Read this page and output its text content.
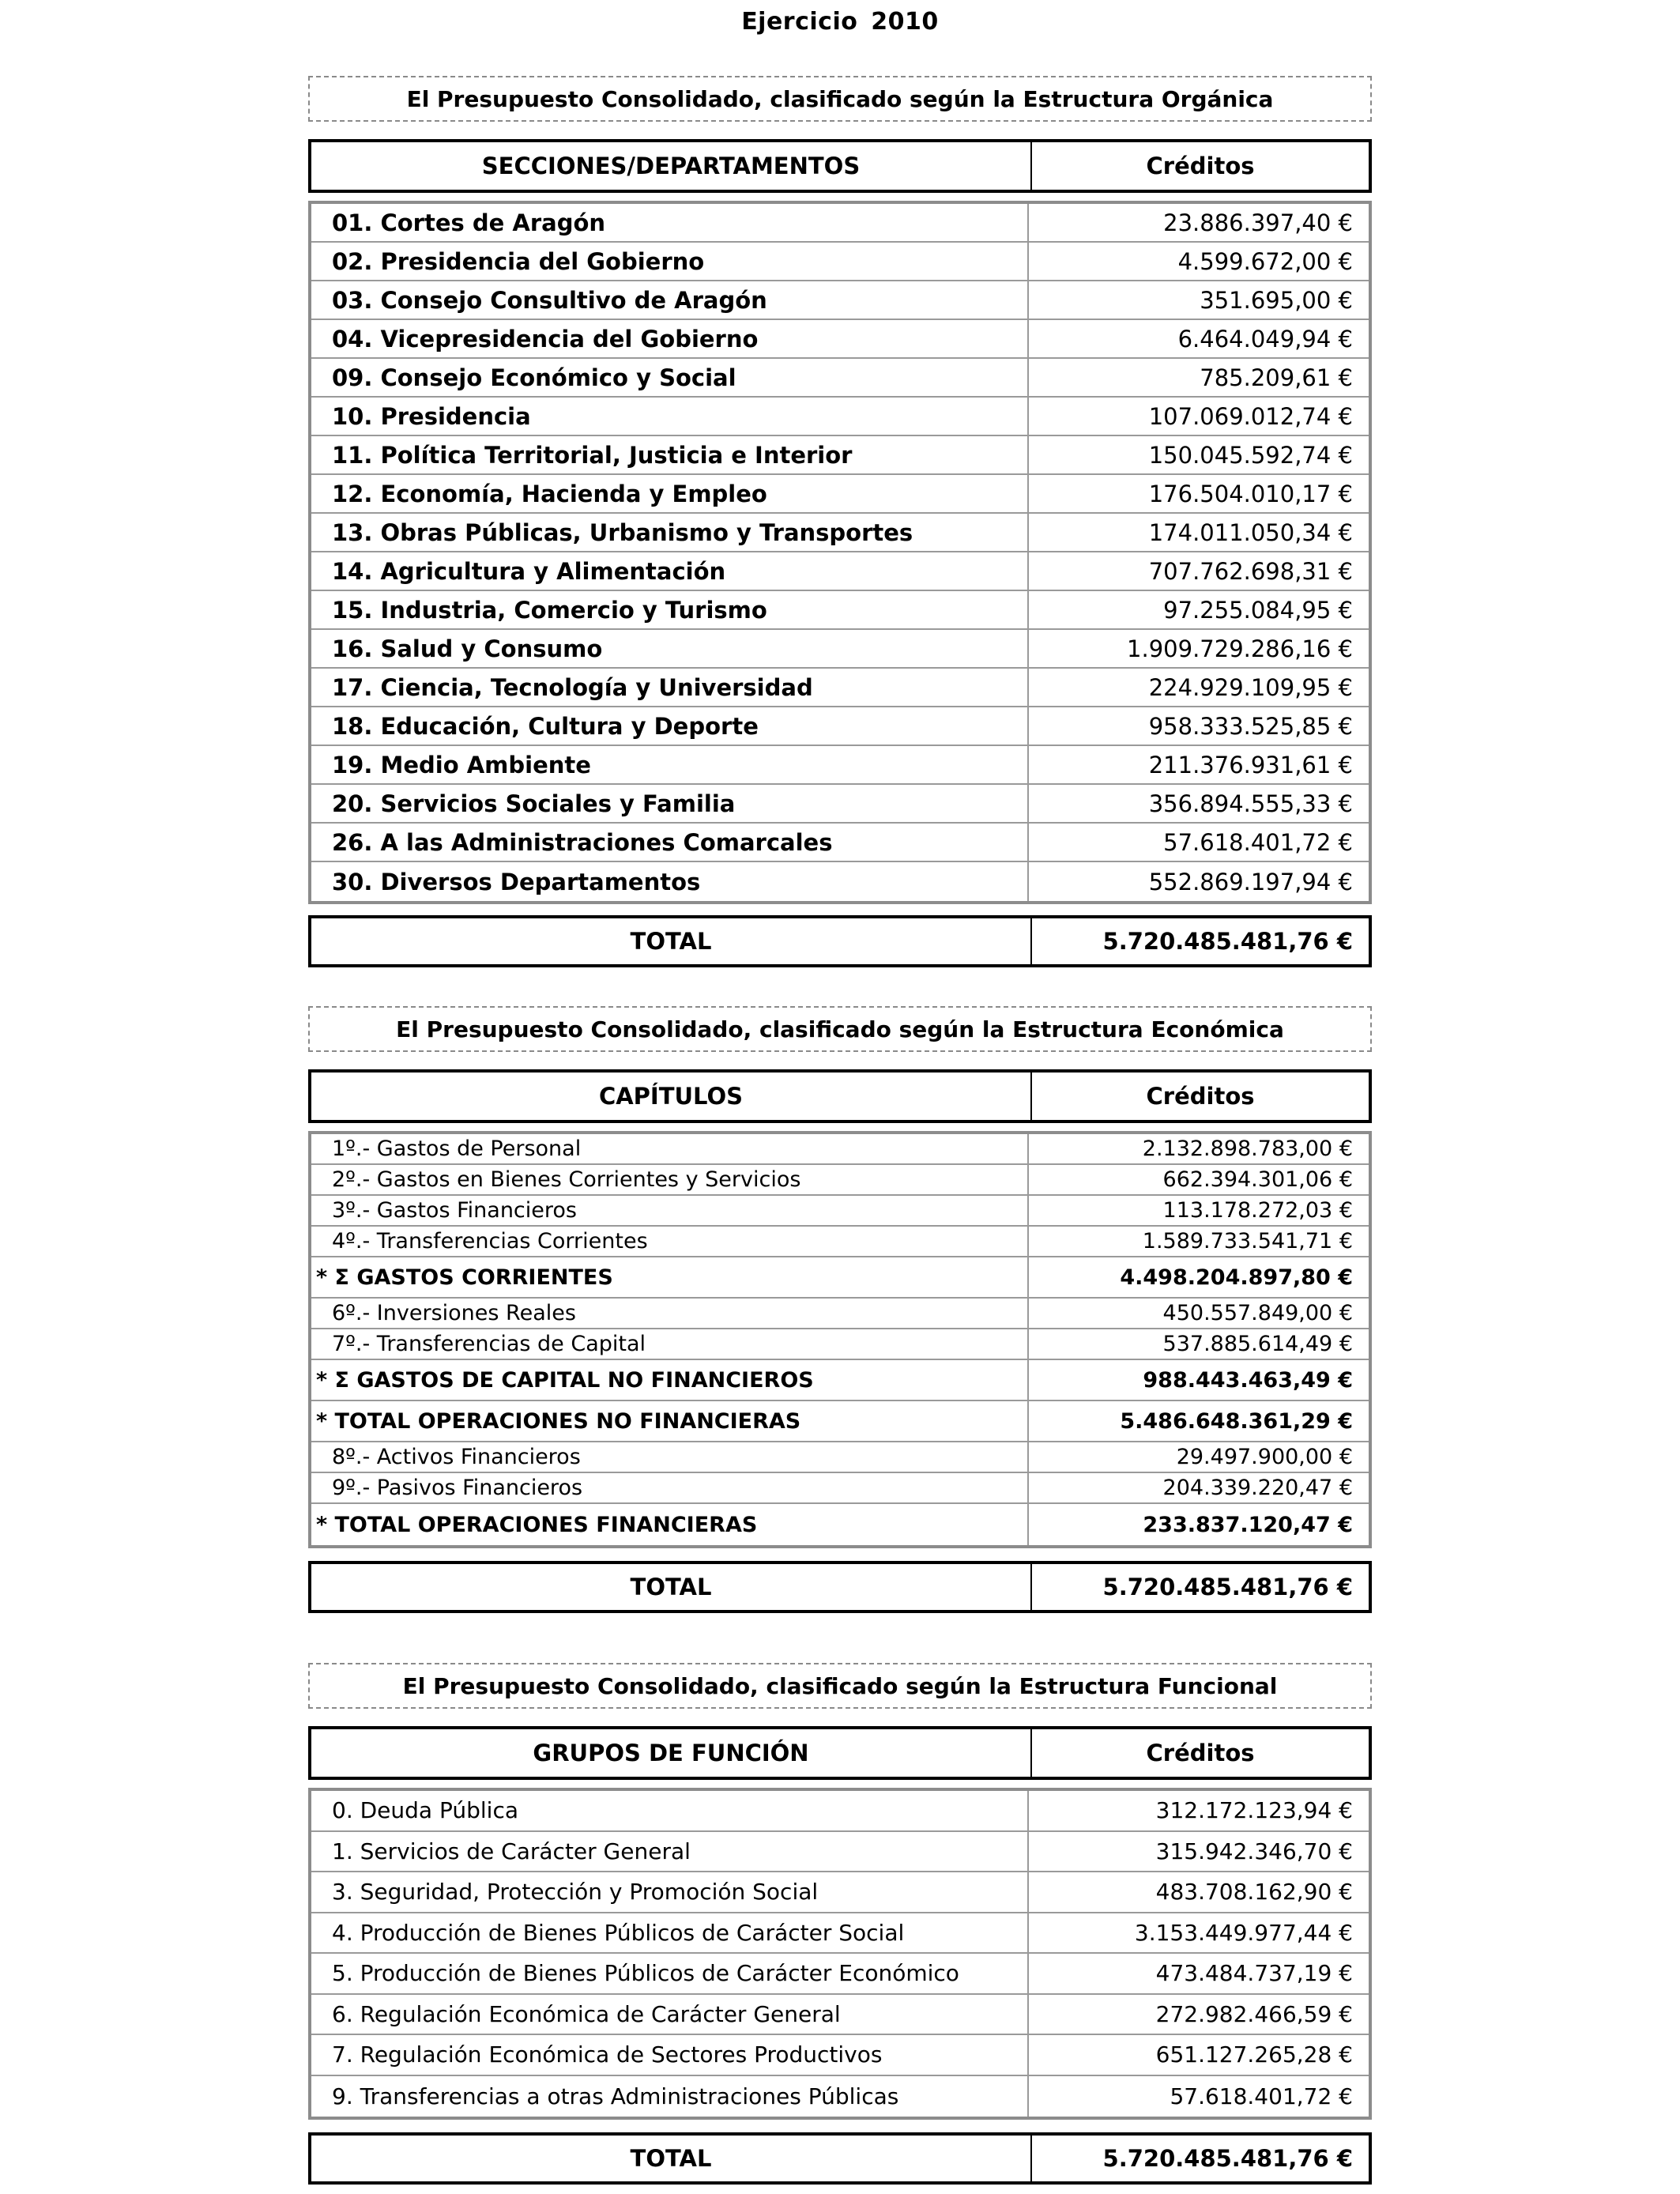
Ejercicio 2010
El Presupuesto Consolidado, clasificado según la Estructura Orgánica
SECCIONES/DEPARTAMENTOS	Créditos
01. Cortes de Aragón	23.886.397,40 €
02. Presidencia del Gobierno	4.599.672,00 €
03. Consejo Consultivo de Aragón	351.695,00 €
04. Vicepresidencia del Gobierno	6.464.049,94 €
09. Consejo Económico y Social	785.209,61 €
10. Presidencia	107.069.012,74 €
11. Política Territorial, Justicia e Interior	150.045.592,74 €
12. Economía, Hacienda y Empleo	176.504.010,17 €
13. Obras Públicas, Urbanismo y Transportes	174.011.050,34 €
14. Agricultura y Alimentación	707.762.698,31 €
15. Industria, Comercio y Turismo	97.255.084,95 €
16. Salud y Consumo	1.909.729.286,16 €
17. Ciencia, Tecnología y Universidad	224.929.109,95 €
18. Educación, Cultura y Deporte	958.333.525,85 €
19. Medio Ambiente	211.376.931,61 €
20. Servicios Sociales y Familia	356.894.555,33 €
26. A las Administraciones Comarcales	57.618.401,72 €
30. Diversos Departamentos	552.869.197,94 €
TOTAL	5.720.485.481,76 €
El Presupuesto Consolidado, clasificado según la Estructura Económica
CAPÍTULOS	Créditos
1º.- Gastos de Personal	2.132.898.783,00 €
2º.- Gastos en Bienes Corrientes y Servicios	662.394.301,06 €
3º.- Gastos Financieros	113.178.272,03 €
4º.- Transferencias Corrientes	1.589.733.541,71 €
* Σ GASTOS CORRIENTES	4.498.204.897,80 €
6º.- Inversiones Reales	450.557.849,00 €
7º.- Transferencias de Capital	537.885.614,49 €
* Σ GASTOS DE CAPITAL NO FINANCIEROS	988.443.463,49 €
* TOTAL OPERACIONES NO FINANCIERAS	5.486.648.361,29 €
8º.- Activos Financieros	29.497.900,00 €
9º.- Pasivos Financieros	204.339.220,47 €
* TOTAL OPERACIONES FINANCIERAS	233.837.120,47 €
TOTAL	5.720.485.481,76 €
El Presupuesto Consolidado, clasificado según la Estructura Funcional
GRUPOS DE FUNCIÓN	Créditos
0. Deuda Pública	312.172.123,94 €
1. Servicios de Carácter General	315.942.346,70 €
3. Seguridad, Protección y Promoción Social	483.708.162,90 €
4. Producción de Bienes Públicos de Carácter Social	3.153.449.977,44 €
5. Producción de Bienes Públicos de Carácter Económico	473.484.737,19 €
6. Regulación Económica de Carácter General	272.982.466,59 €
7. Regulación Económica de Sectores Productivos	651.127.265,28 €
9. Transferencias a otras Administraciones Públicas	57.618.401,72 €
TOTAL	5.720.485.481,76 €
